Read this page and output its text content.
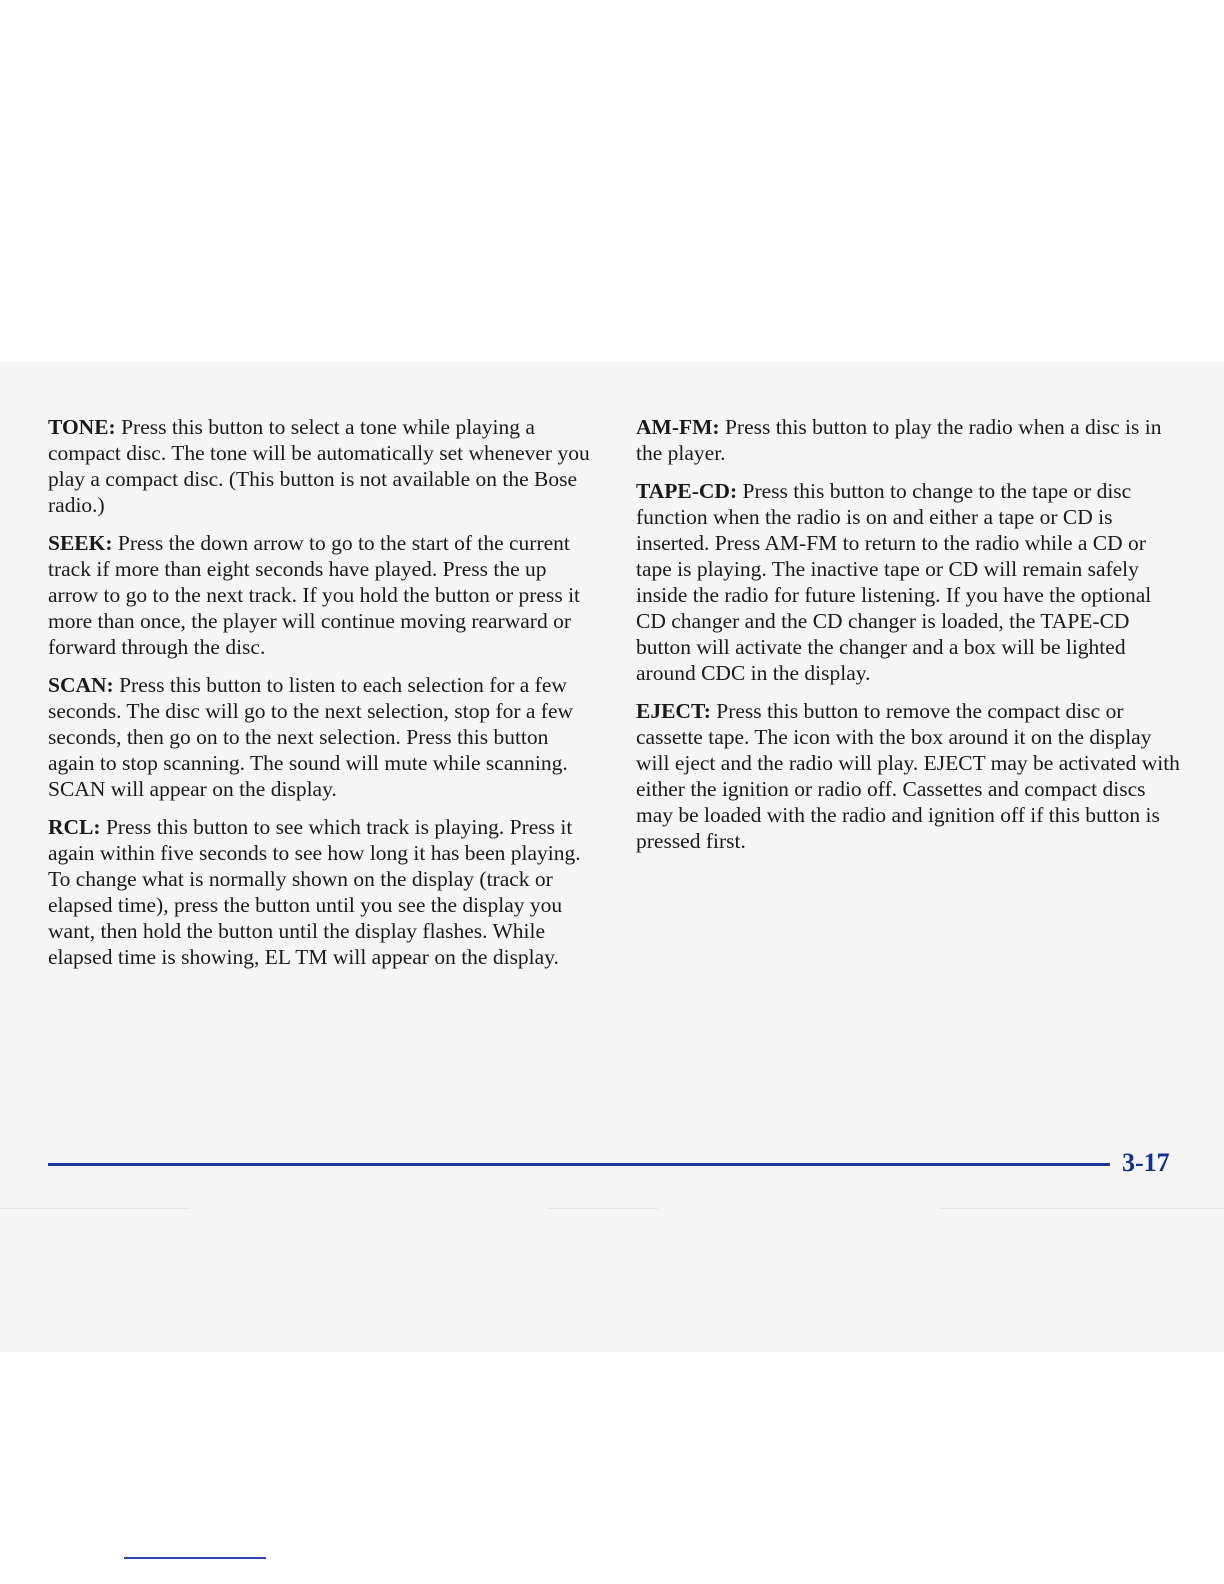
TONE: Press this button to select a tone while playing a compact disc. The tone will be automatically set whenever you play a compact disc. (This button is not available on the Bose radio.)

SEEK: Press the down arrow to go to the start of the current track if more than eight seconds have played. Press the up arrow to go to the next track. If you hold the button or press it more than once, the player will continue moving rearward or forward through the disc.

SCAN: Press this button to listen to each selection for a few seconds. The disc will go to the next selection, stop for a few seconds, then go on to the next selection. Press this button again to stop scanning. The sound will mute while scanning. SCAN will appear on the display.

RCL: Press this button to see which track is playing. Press it again within five seconds to see how long it has been playing. To change what is normally shown on the display (track or elapsed time), press the button until you see the display you want, then hold the button until the display flashes. While elapsed time is showing, EL TM will appear on the display.

AM-FM: Press this button to play the radio when a disc is in the player.

TAPE-CD: Press this button to change to the tape or disc function when the radio is on and either a tape or CD is inserted. Press AM-FM to return to the radio while a CD or tape is playing. The inactive tape or CD will remain safely inside the radio for future listening. If you have the optional CD changer and the CD changer is loaded, the TAPE-CD button will activate the changer and a box will be lighted around CDC in the display.

EJECT: Press this button to remove the compact disc or cassette tape. The icon with the box around it on the display will eject and the radio will play. EJECT may be activated with either the ignition or radio off. Cassettes and compact discs may be loaded with the radio and ignition off if this button is pressed first.

3-17
